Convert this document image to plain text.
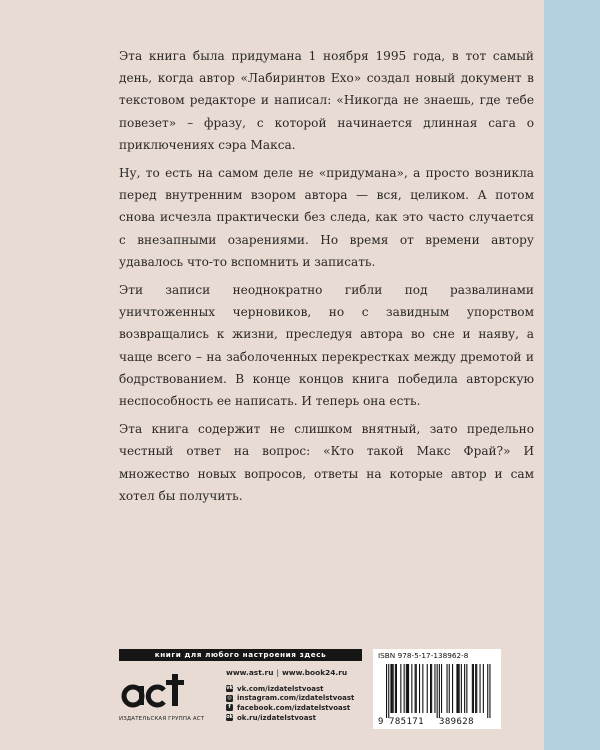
Эта книга была придумана 1 ноября 1995 года, в тот самый день, когда автор «Лабиринтов Ехо» создал новый документ в текстовом редакторе и написал: «Никогда не знаешь, где тебе повезет» – фразу, с которой начинается длинная сага о приключениях сэра Макса.

Ну, то есть на самом деле не «придумана», а просто возникла перед внутренним взором автора — вся, целиком. А потом снова исчезла практически без следа, как это часто случается с внезапными озарениями. Но время от времени автору удавалось что-то вспомнить и записать.

Эти записи неоднократно гибли под развалинами уничтоженных черновиков, но с завидным упорством возвращались к жизни, преследуя автора во сне и наяву, а чаще всего – на заболоченных перекрестках между дремотой и бодрствованием. В конце концов книга победила авторскую неспособность ее написать. И теперь она есть.

Эта книга содержит не слишком внятный, зато предельно честный ответ на вопрос: «Кто такой Макс Фрай?» И множество новых вопросов, ответы на которые автор и сам хотел бы получить.

книги для любого настроения здесь
ИЗДАТЕЛЬСКАЯ ГРУППА АСТ
www.ast.ru | www.book24.ru
vk vk.com/izdatelstvoast
◎ instagram.com/izdatelstvoast
f facebook.com/izdatelstvoast
ok ok.ru/izdatelstvoast
ISBN 978-5-17-138962-8
9 785171 389628
